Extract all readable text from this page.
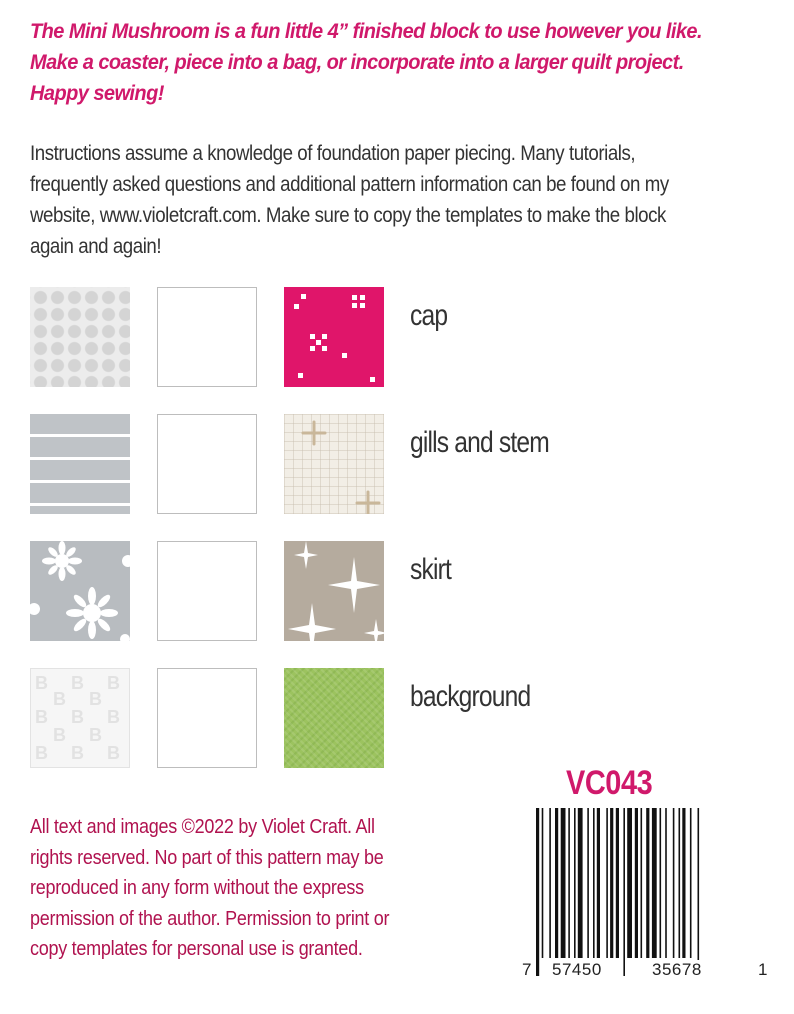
The Mini Mushroom is a fun little 4” finished block to use however you like.
Make a coaster, piece into a bag, or incorporate into a larger quilt project.
Happy sewing!
Instructions assume a knowledge of foundation paper piecing. Many tutorials,
frequently asked questions and additional pattern information can be found on my
website, www.violetcraft.com. Make sure to copy the templates to make the block
again and again!
cap
gills and stem
skirt
B B B
B B
B B B
B B
B B B
background
VC043
All text and images ©2022 by Violet Craft. All
rights reserved. No part of this pattern may be
reproduced in any form without the express
permission of the author. Permission to print or
copy templates for personal use is granted.
7 57450	35678	1
